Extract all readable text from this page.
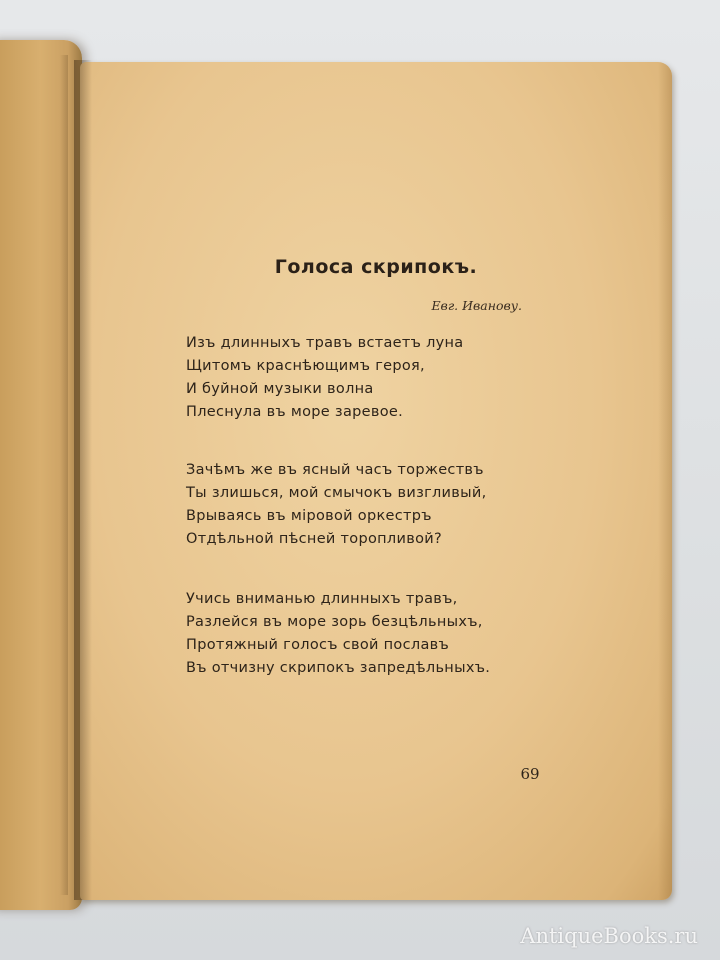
Голоса скрипокъ.
Евг. Иванову.
Изъ длинныхъ травъ встаетъ луна
Щитомъ краснѣющимъ героя,
И буйной музыки волна
Плеснула въ море заревое.
Зачѣмъ же въ ясный часъ торжествъ
Ты злишься, мой смычокъ визгливый,
Врываясь въ мiровой оркестръ
Отдѣльной пѣсней торопливой?
Учись вниманью длинныхъ травъ,
Разлейся въ море зорь безцѣльныхъ,
Протяжный голосъ свой пославъ
Въ отчизну скрипокъ запредѣльныхъ.
69
AntiqueBooks.ru
